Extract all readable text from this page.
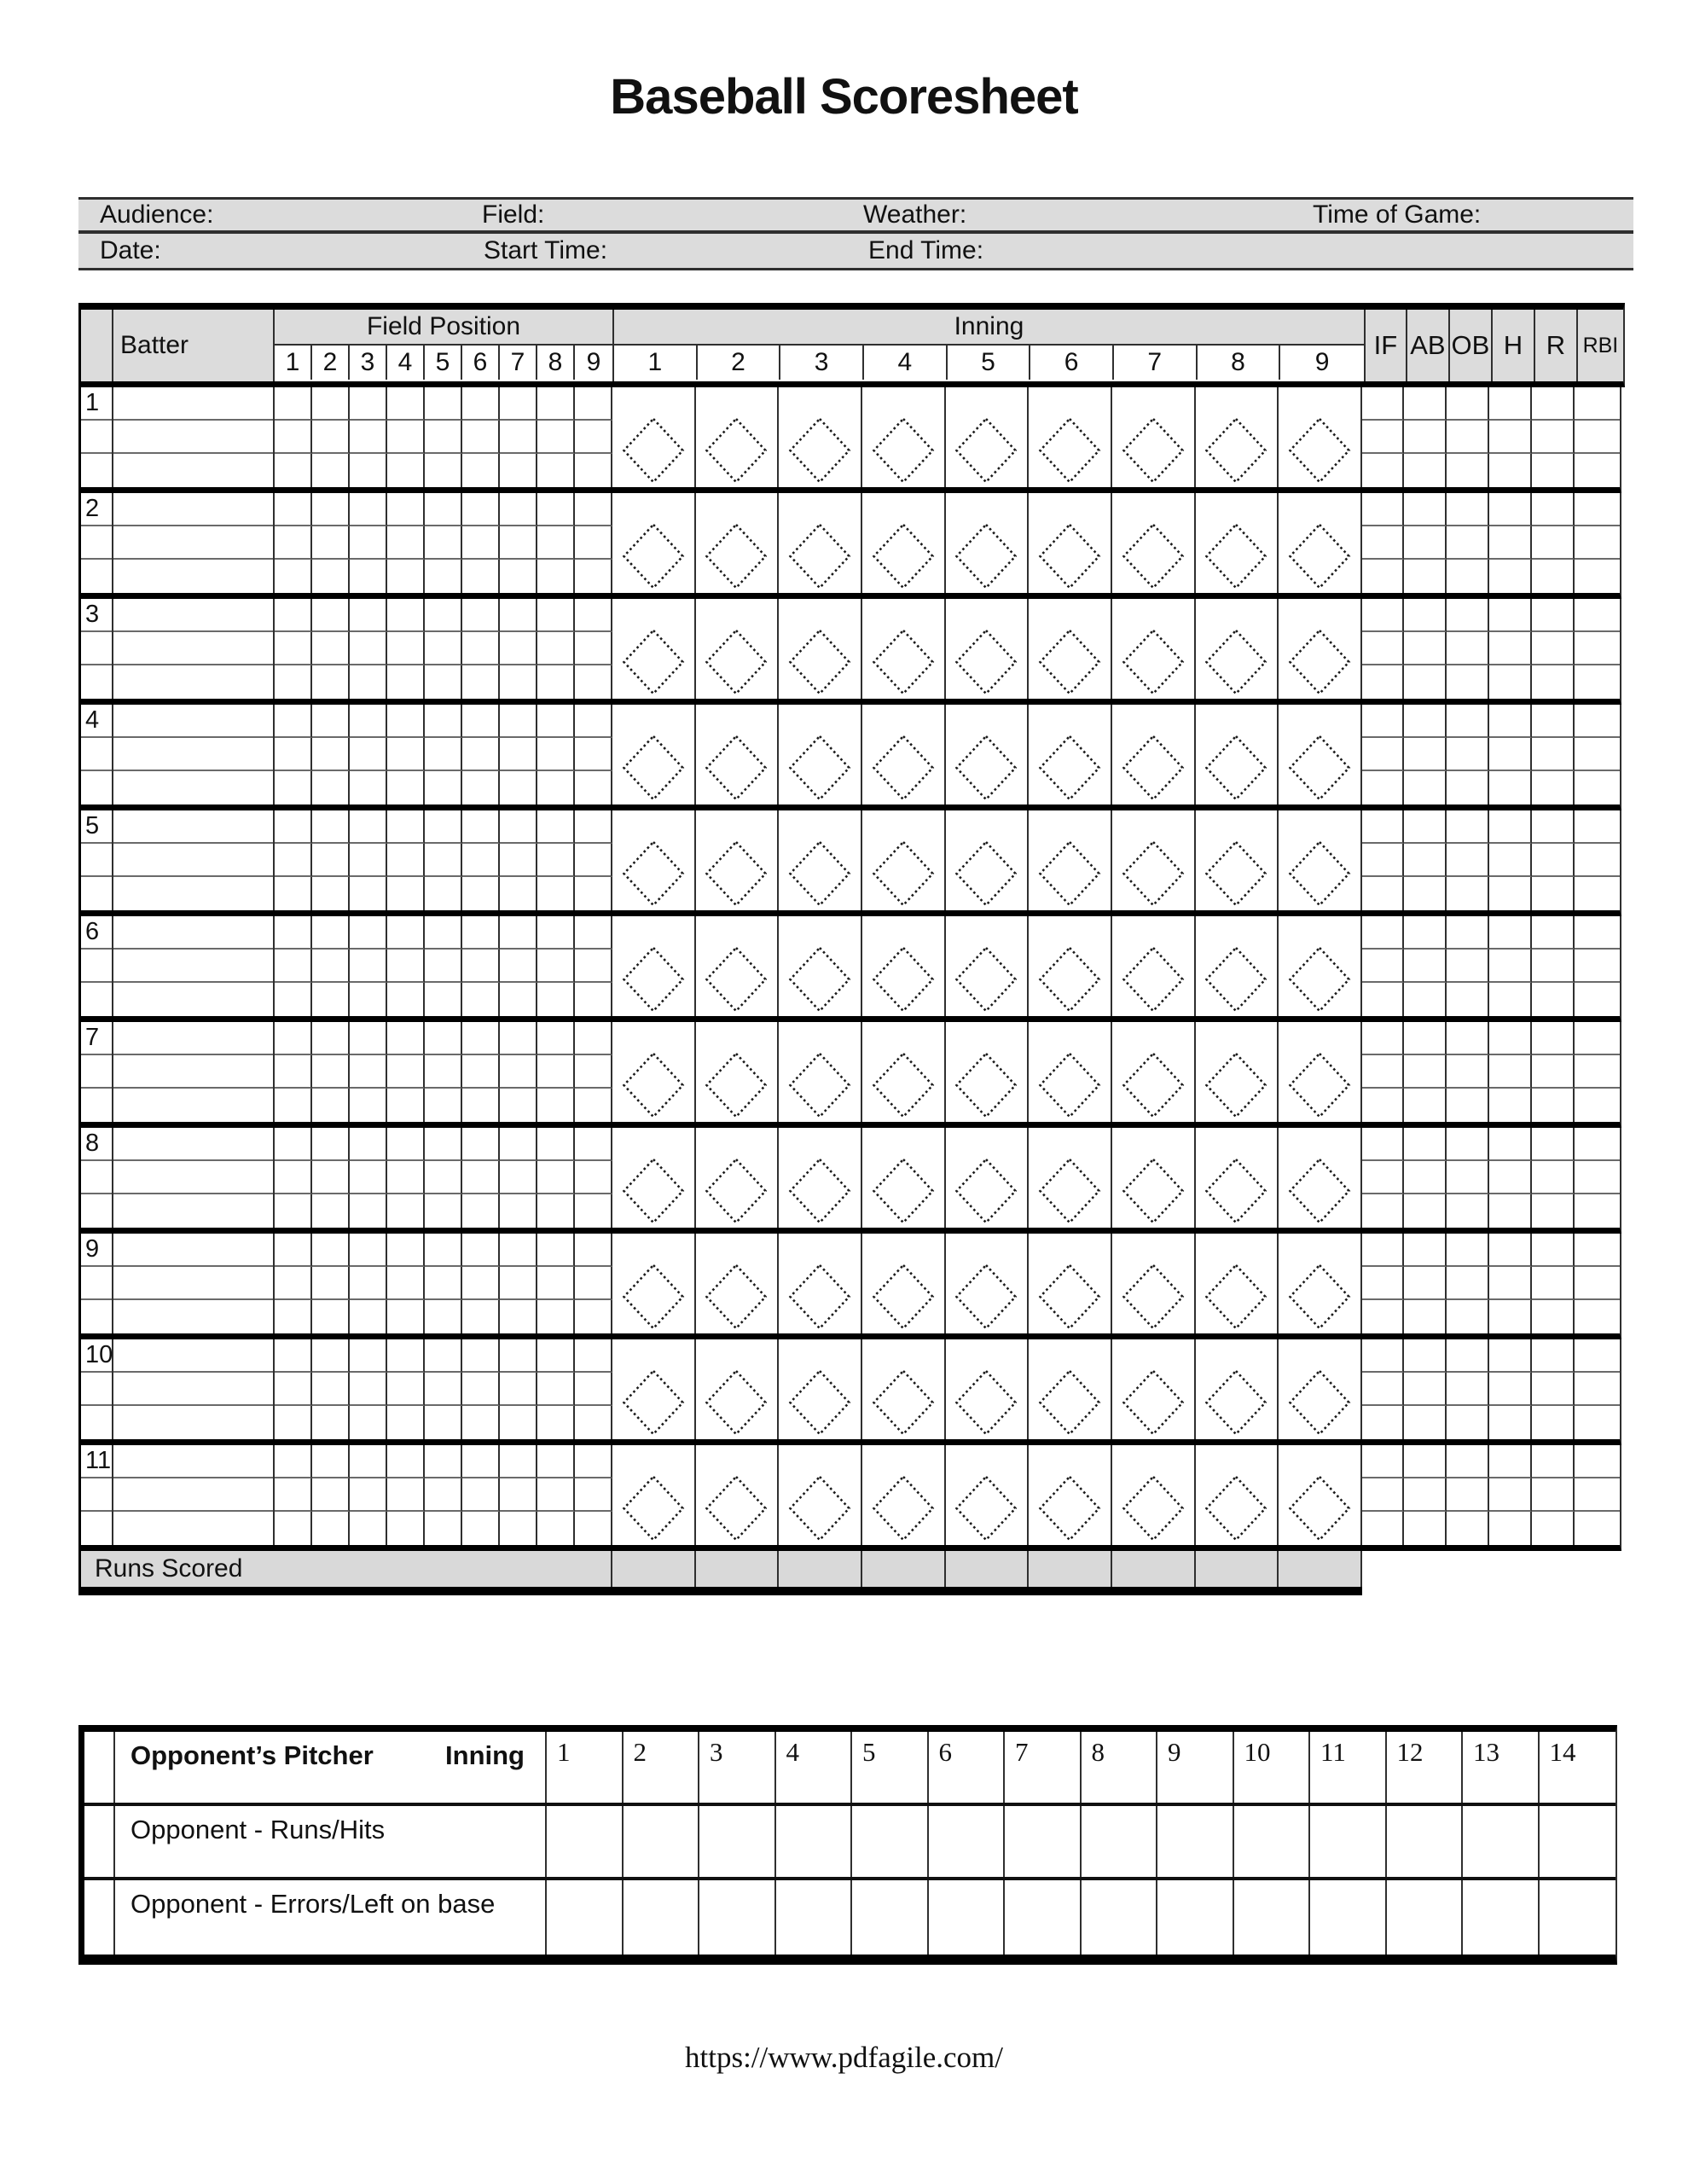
Baseball Scoresheet
Audience:	Field:	Weather:	Time of Game:
Date:	Start Time:	End Time:
Batter
Field Position
1 2 3 4 5 6 7 8 9
Inning
1	2	3	4	5	6	7	8	9
IF AB OB H R RBI
1
2
3
4
5
6
7
8
9
10
11
Runs Scored
Opponent’s Pitcher	Inning	1	2	3	4	5	6	7	8	9	10	11	12	13	14
Opponent - Runs/Hits
Opponent - Errors/Left on base
https://www.pdfagile.com/
